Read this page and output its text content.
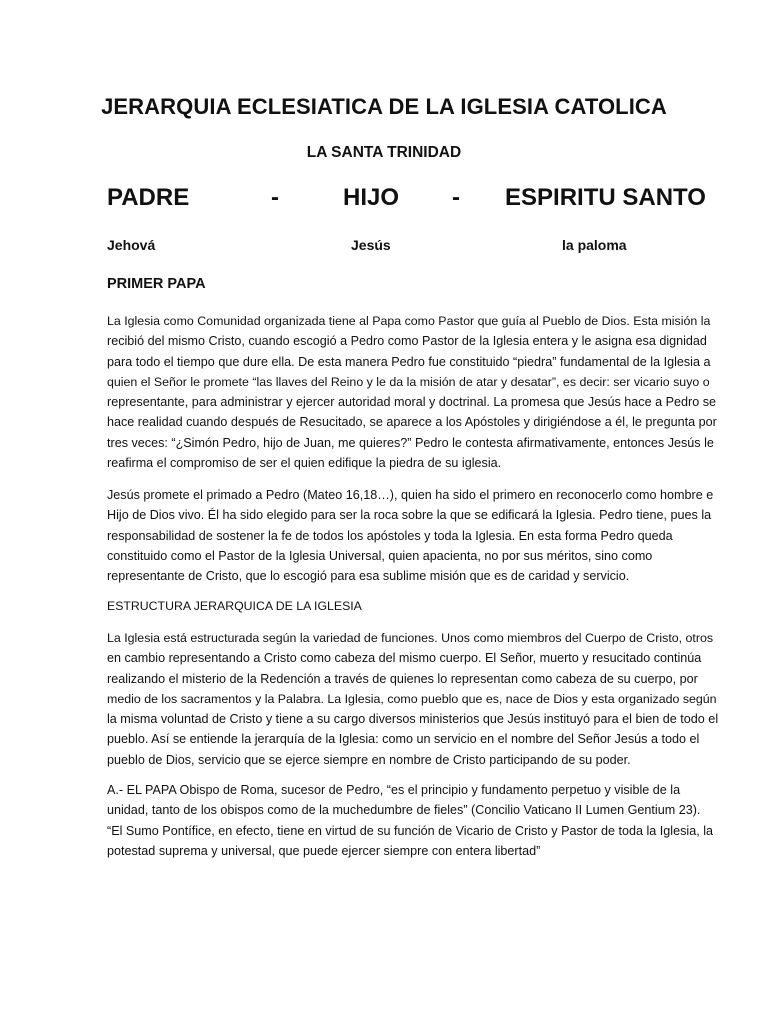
JERARQUIA ECLESIATICA DE LA IGLESIA CATOLICA
LA SANTA TRINIDAD
PADRE	-	HIJO - ESPIRITU SANTO
Jehová	Jesús	la paloma
PRIMER PAPA
La Iglesia como Comunidad organizada tiene al Papa como Pastor que guía al Pueblo de Dios. Esta misión la
recibió del mismo Cristo, cuando escogió a Pedro como Pastor de la Iglesia entera y le asigna esa dignidad
para todo el tiempo que dure ella. De esta manera Pedro fue constituido “piedra” fundamental de la Iglesia a
quien el Señor le promete “las llaves del Reino y le da la misión de atar y desatar”, es decir: ser vicario suyo o
representante, para administrar y ejercer autoridad moral y doctrinal. La promesa que Jesús hace a Pedro se
hace realidad cuando después de Resucitado, se aparece a los Apóstoles y dirigiéndose a él, le pregunta por
tres veces: “¿Simón Pedro, hijo de Juan, me quieres?” Pedro le contesta afirmativamente, entonces Jesús le
reafirma el compromiso de ser el quien edifique la piedra de su iglesia.
Jesús promete el primado a Pedro (Mateo 16,18…), quien ha sido el primero en reconocerlo como hombre e
Hijo de Dios vivo. Él ha sido elegido para ser la roca sobre la que se edificará la Iglesia. Pedro tiene, pues la
responsabilidad de sostener la fe de todos los apóstoles y toda la Iglesia. En esta forma Pedro queda
constituido como el Pastor de la Iglesia Universal, quien apacienta, no por sus méritos, sino como
representante de Cristo, que lo escogió para esa sublime misión que es de caridad y servicio.
ESTRUCTURA JERARQUICA DE LA IGLESIA
La Iglesia está estructurada según la variedad de funciones. Unos como miembros del Cuerpo de Cristo, otros
en cambio representando a Cristo como cabeza del mismo cuerpo. El Señor, muerto y resucitado continúa
realizando el misterio de la Redención a través de quienes lo representan como cabeza de su cuerpo, por
medio de los sacramentos y la Palabra. La Iglesia, como pueblo que es, nace de Dios y esta organizado según
la misma voluntad de Cristo y tiene a su cargo diversos ministerios que Jesús instituyó para el bien de todo el
pueblo. Así se entiende la jerarquía de la Iglesia: como un servicio en el nombre del Señor Jesús a todo el
pueblo de Dios, servicio que se ejerce siempre en nombre de Cristo participando de su poder.
A.- EL PAPA Obispo de Roma, sucesor de Pedro, “es el principio y fundamento perpetuo y visible de la
unidad, tanto de los obispos como de la muchedumbre de fieles” (Concilio Vaticano II Lumen Gentium 23).
“El Sumo Pontífice, en efecto, tiene en virtud de su función de Vicario de Cristo y Pastor de toda la Iglesia, la
potestad suprema y universal, que puede ejercer siempre con entera libertad”
